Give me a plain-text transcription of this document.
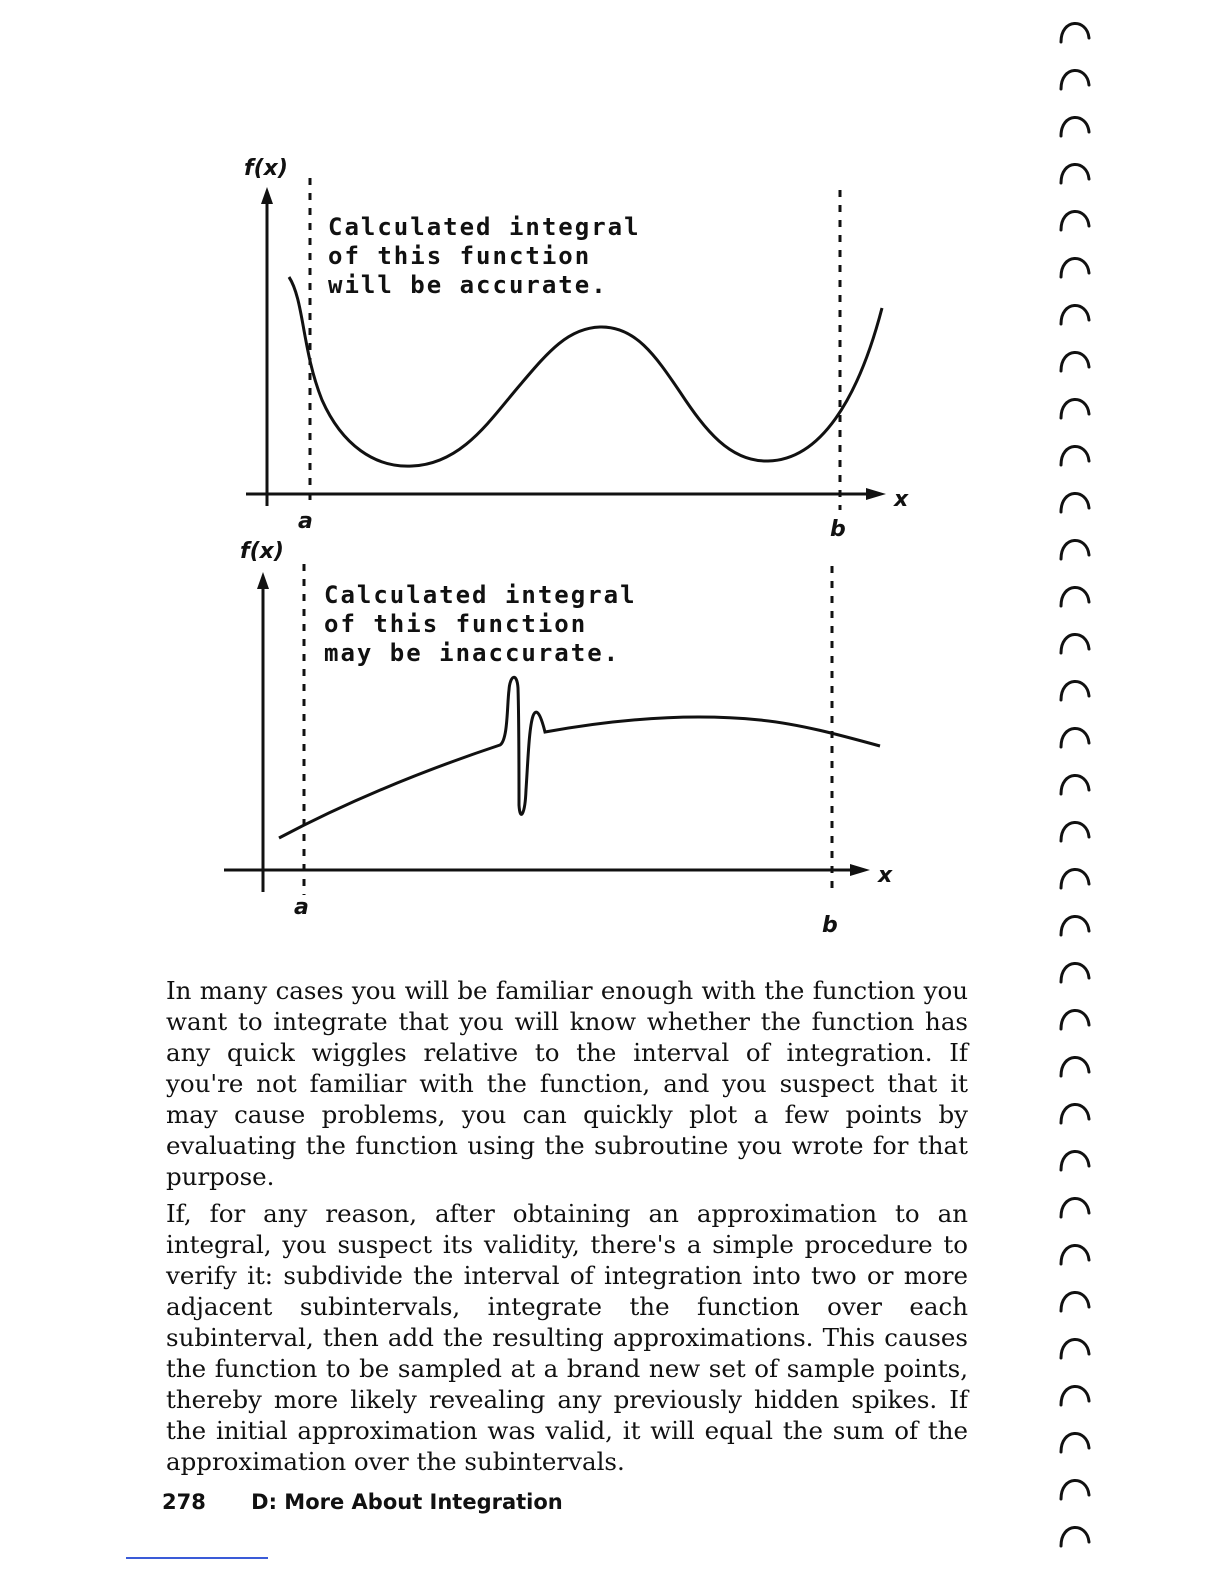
f(x)
x
a	b
Calculated integral
of this function
will be accurate.
f(x)
x
a
b
Calculated integral
of this function
may be inaccurate.

In many cases you will be familiar enough with the function you want to integrate that you will know whether the function has any quick wiggles relative to the interval of integration. If you're not familiar with the function, and you suspect that it may cause problems, you can quickly plot a few points by evaluating the function using the subroutine you wrote for that purpose.

If, for any reason, after obtaining an approximation to an integral, you suspect its validity, there's a simple procedure to verify it: subdivide the interval of integration into two or more adjacent subintervals, integrate the function over each subinterval, then add the resulting approximations. This causes the function to be sampled at a brand new set of sample points, thereby more likely revealing any previously hidden spikes. If the initial approximation was valid, it will equal the sum of the approximation over the subintervals.

278 D: More About Integration
